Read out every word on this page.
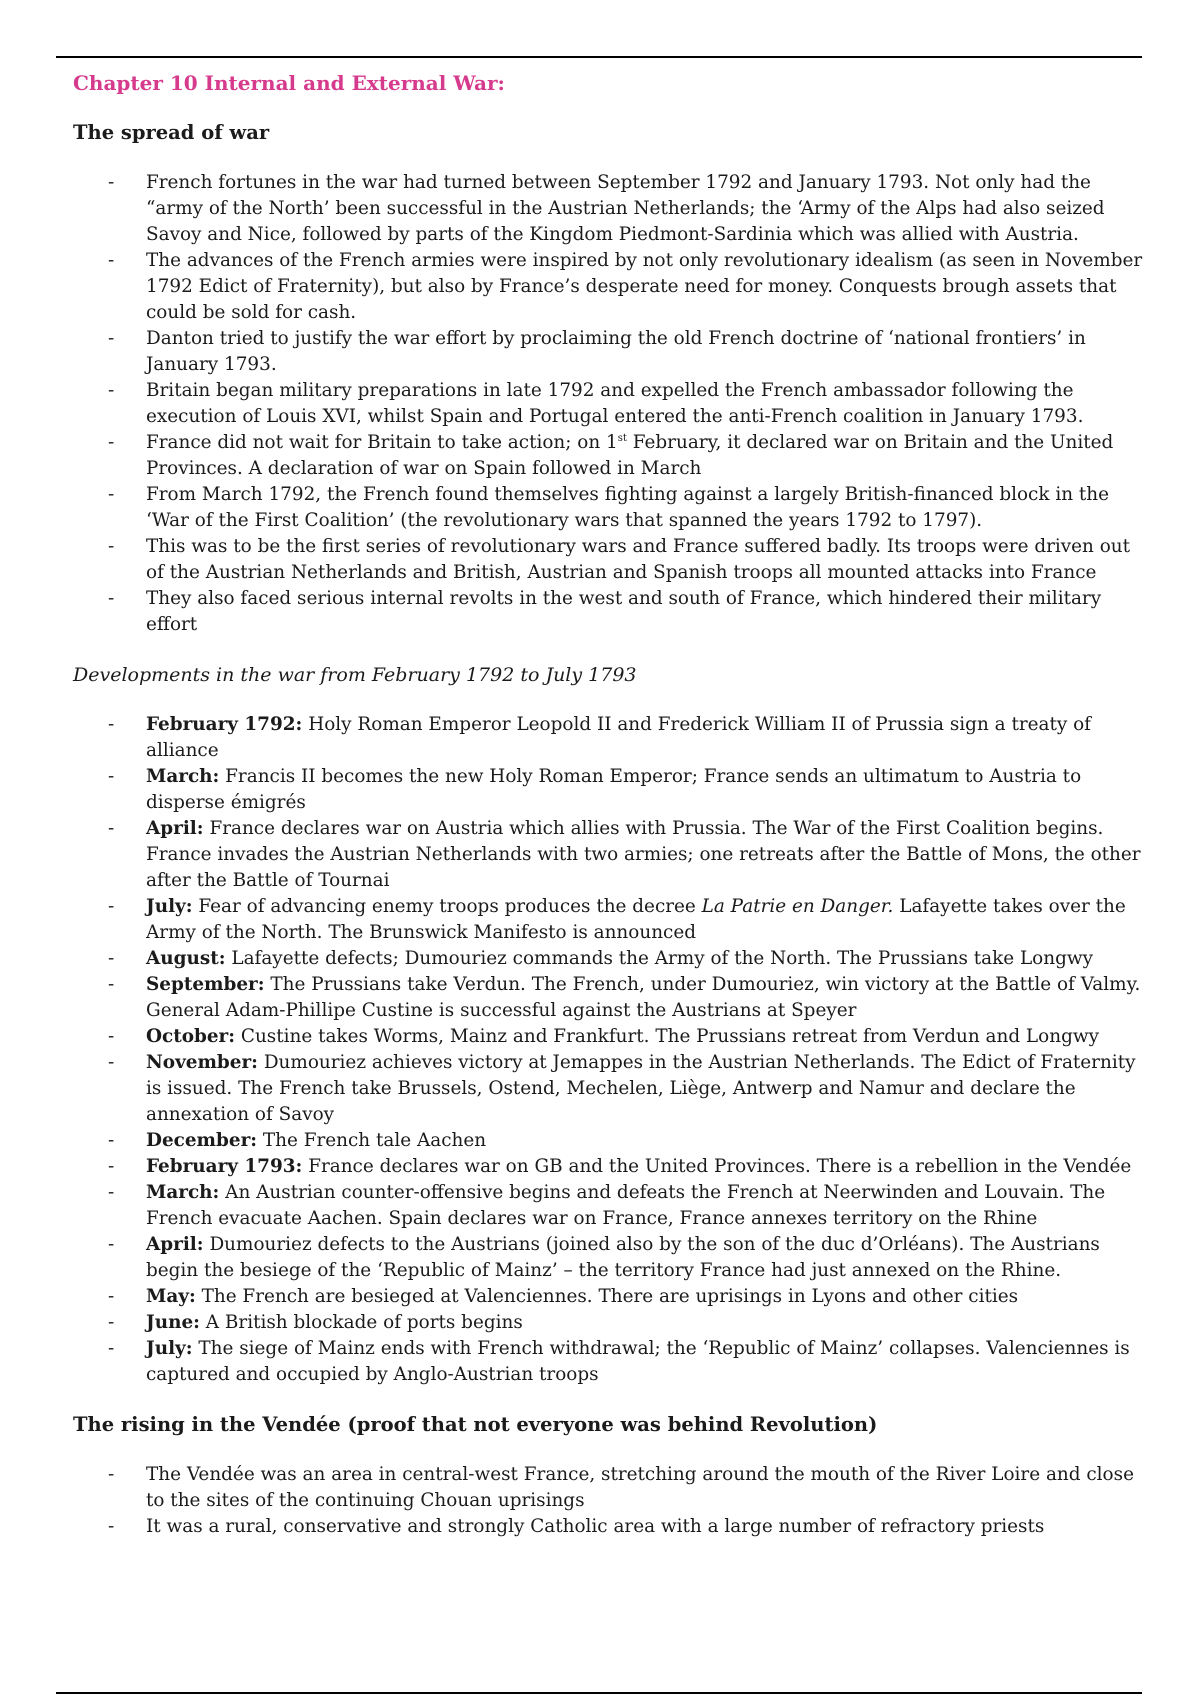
Chapter 10 Internal and External War:
The spread of war
- French fortunes in the war had turned between September 1792 and January 1793. Not only had the “army of the North’ been successful in the Austrian Netherlands; the ‘Army of the Alps had also seized Savoy and Nice, followed by parts of the Kingdom Piedmont-Sardinia which was allied with Austria.
- The advances of the French armies were inspired by not only revolutionary idealism (as seen in November 1792 Edict of Fraternity), but also by France’s desperate need for money. Conquests brough assets that could be sold for cash.
- Danton tried to justify the war effort by proclaiming the old French doctrine of ‘national frontiers’ in January 1793.
- Britain began military preparations in late 1792 and expelled the French ambassador following the execution of Louis XVI, whilst Spain and Portugal entered the anti-French coalition in January 1793.
- France did not wait for Britain to take action; on 1st February, it declared war on Britain and the United Provinces. A declaration of war on Spain followed in March
- From March 1792, the French found themselves fighting against a largely British-financed block in the ‘War of the First Coalition’ (the revolutionary wars that spanned the years 1792 to 1797).
- This was to be the first series of revolutionary wars and France suffered badly. Its troops were driven out of the Austrian Netherlands and British, Austrian and Spanish troops all mounted attacks into France
- They also faced serious internal revolts in the west and south of France, which hindered their military effort
Developments in the war from February 1792 to July 1793
- February 1792: Holy Roman Emperor Leopold II and Frederick William II of Prussia sign a treaty of alliance
- March: Francis II becomes the new Holy Roman Emperor; France sends an ultimatum to Austria to disperse émigrés
- April: France declares war on Austria which allies with Prussia. The War of the First Coalition begins. France invades the Austrian Netherlands with two armies; one retreats after the Battle of Mons, the other after the Battle of Tournai
- July: Fear of advancing enemy troops produces the decree La Patrie en Danger. Lafayette takes over the Army of the North. The Brunswick Manifesto is announced
- August: Lafayette defects; Dumouriez commands the Army of the North. The Prussians take Longwy
- September: The Prussians take Verdun. The French, under Dumouriez, win victory at the Battle of Valmy. General Adam-Phillipe Custine is successful against the Austrians at Speyer
- October: Custine takes Worms, Mainz and Frankfurt. The Prussians retreat from Verdun and Longwy
- November: Dumouriez achieves victory at Jemappes in the Austrian Netherlands. The Edict of Fraternity is issued. The French take Brussels, Ostend, Mechelen, Liège, Antwerp and Namur and declare the annexation of Savoy
- December: The French tale Aachen
- February 1793: France declares war on GB and the United Provinces. There is a rebellion in the Vendée
- March: An Austrian counter-offensive begins and defeats the French at Neerwinden and Louvain. The French evacuate Aachen. Spain declares war on France, France annexes territory on the Rhine
- April: Dumouriez defects to the Austrians (joined also by the son of the duc d’Orléans). The Austrians begin the besiege of the ‘Republic of Mainz’ – the territory France had just annexed on the Rhine.
- May: The French are besieged at Valenciennes. There are uprisings in Lyons and other cities
- June: A British blockade of ports begins
- July: The siege of Mainz ends with French withdrawal; the ‘Republic of Mainz’ collapses. Valenciennes is captured and occupied by Anglo-Austrian troops
The rising in the Vendée (proof that not everyone was behind Revolution)
- The Vendée was an area in central-west France, stretching around the mouth of the River Loire and close to the sites of the continuing Chouan uprisings
- It was a rural, conservative and strongly Catholic area with a large number of refractory priests
